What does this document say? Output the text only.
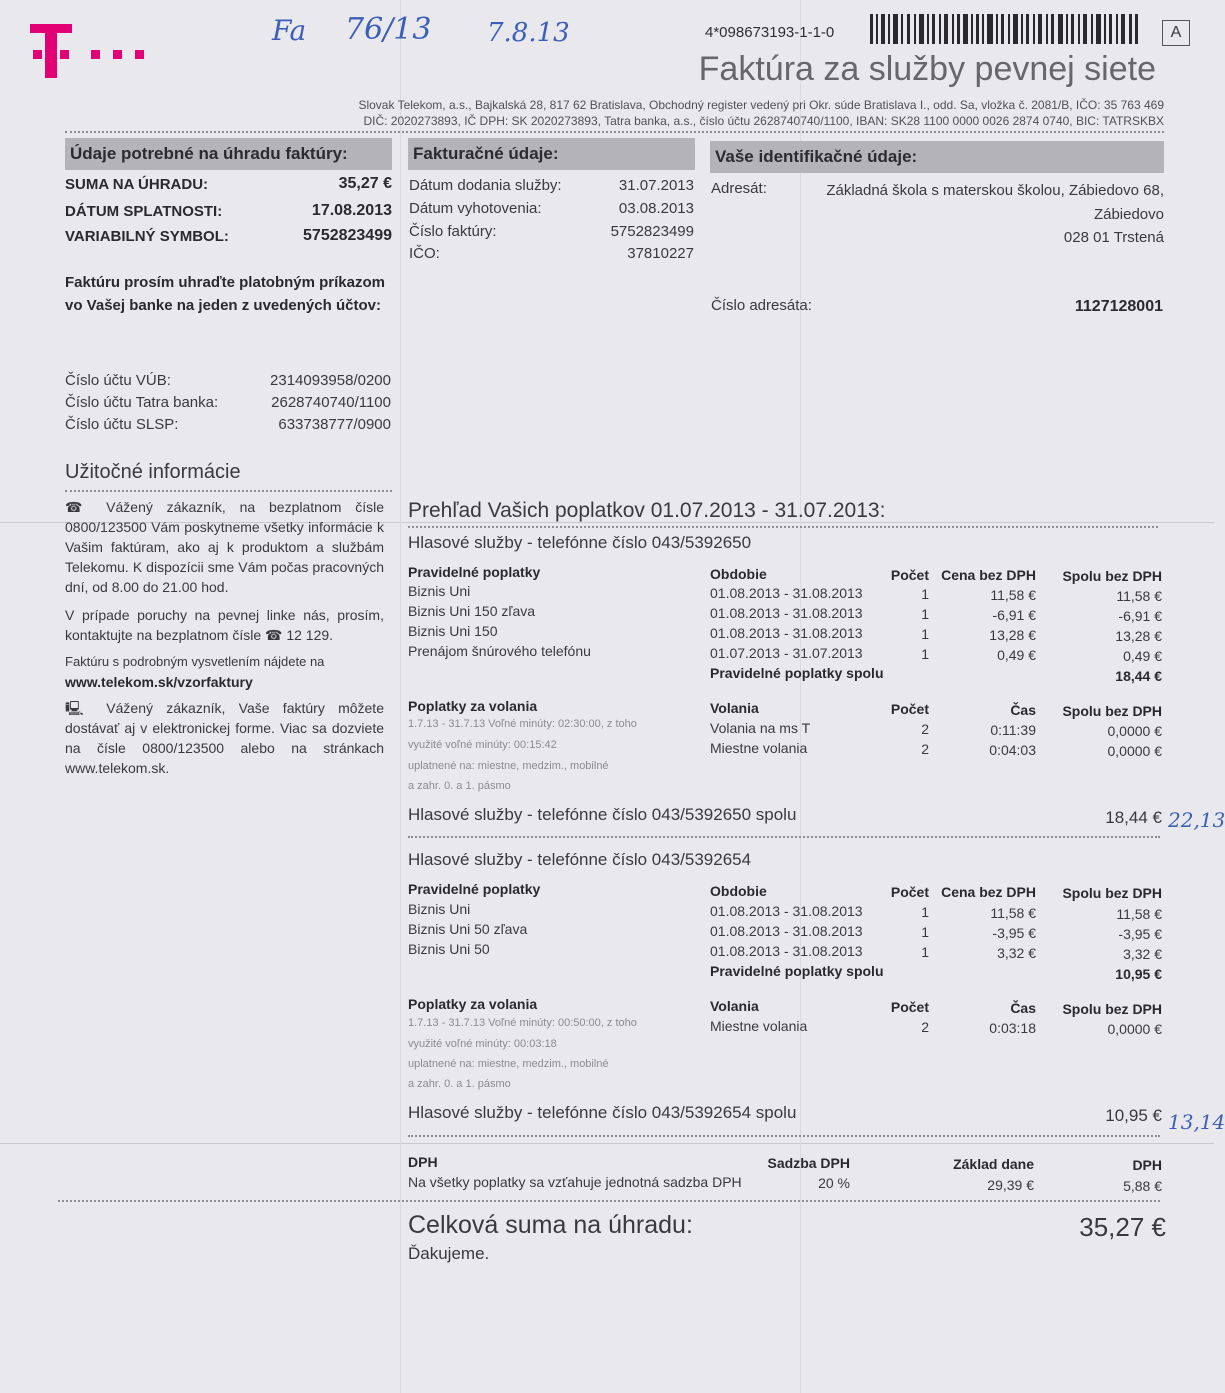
Fa 76/13 7.8.13
22,13
13,14
4*098673193-1-1-0	A
Faktúra za služby pevnej siete
Slovak Telekom, a.s., Bajkalská 28, 817 62 Bratislava, Obchodný register vedený pri Okr. súde Bratislava I., odd. Sa, vložka č. 2081/B, IČO: 35 763 469
DIČ: 2020273893, IČ DPH: SK 2020273893, Tatra banka, a.s., číslo účtu 2628740740/1100, IBAN: SK28 1100 0000 0026 2874 0740, BIC: TATRSKBX
Údaje potrebné na úhradu faktúry:	Fakturačné údaje:	Vaše identifikačné údaje:
SUMA NA ÚHRADU:	35,27 €
DÁTUM SPLATNOSTI:	17.08.2013
VARIABILNÝ SYMBOL:	5752823499
Faktúru prosím uhraďte platobným príkazom
vo Vašej banke na jeden z uvedených účtov:
Číslo účtu VÚB:	2314093958/0200
Číslo účtu Tatra banka:	2628740740/1100
Číslo účtu SLSP:	633738777/0900
Dátum dodania služby:	31.07.2013
Dátum vyhotovenia:	03.08.2013
Číslo faktúry:	5752823499
IČO:	37810227
Adresát:	Základná škola s materskou školou, Zábiedovo 68,
Zábiedovo
028 01 Trstená
Číslo adresáta:	1127128001
Užitočné informácie
☎ Vážený zákazník, na bezplatnom čísle 0800/123500 Vám poskytneme všetky informácie k Vašim faktúram, ako aj k produktom a službám Telekomu. K dispozícii sme Vám počas pracovných dní, od 8.00 do 21.00 hod.
V prípade poruchy na pevnej linke nás, prosím, kontaktujte na bezplatnom čísle ☎ 12 129.
Faktúru s podrobným vysvetlením nájdete na
www.telekom.sk/vzorfaktury
🖳 Vážený zákazník, Vaše faktúry môžete dostávať aj v elektronickej forme. Viac sa dozviete na čísle 0800/123500 alebo na stránkach www.telekom.sk.
Prehľad Vašich poplatkov 01.07.2013 - 31.07.2013:
Hlasové služby - telefónne číslo 043/5392650
Pravidelné poplatky	Obdobie	Počet Cena bez DPH	Spolu bez DPH
Biznis Uni	01.08.2013 - 31.08.2013	1	11,58 €	11,58 €
Biznis Uni 150 zľava	01.08.2013 - 31.08.2013	1	-6,91 €	-6,91 €
Biznis Uni 150	01.08.2013 - 31.08.2013	1	13,28 €	13,28 €
Prenájom šnúrového telefónu	01.07.2013 - 31.07.2013	1	0,49 €	0,49 €
Pravidelné poplatky spolu	18,44 €
Poplatky za volania	Volania	Počet	Čas	Spolu bez DPH
1.7.13 - 31.7.13 Voľné minúty: 02:30:00, z toho
využité voľné minúty: 00:15:42
uplatnené na: miestne, medzim., mobilné
a zahr. 0. a 1. pásmo
Volania na ms T	2	0:11:39	0,0000 €
Miestne volania	2	0:04:03	0,0000 €
Hlasové služby - telefónne číslo 043/5392650 spolu	18,44 €
Hlasové služby - telefónne číslo 043/5392654
Pravidelné poplatky	Obdobie	Počet Cena bez DPH	Spolu bez DPH
Biznis Uni	01.08.2013 - 31.08.2013	1	11,58 €	11,58 €
Biznis Uni 50 zľava	01.08.2013 - 31.08.2013	1	-3,95 €	-3,95 €
Biznis Uni 50	01.08.2013 - 31.08.2013	1	3,32 €	3,32 €
Pravidelné poplatky spolu	10,95 €
Poplatky za volania	Volania	Počet	Čas	Spolu bez DPH
1.7.13 - 31.7.13 Voľné minúty: 00:50:00, z toho
využité voľné minúty: 00:03:18
uplatnené na: miestne, medzim., mobilné
a zahr. 0. a 1. pásmo
Miestne volania	2	0:03:18	0,0000 €
Hlasové služby - telefónne číslo 043/5392654 spolu	10,95 €
DPH	Sadzba DPH	Základ dane	DPH
Na všetky poplatky sa vzťahuje jednotná sadzba DPH	20 %	29,39 €	5,88 €
Celková suma na úhradu:	35,27 €
Ďakujeme.
